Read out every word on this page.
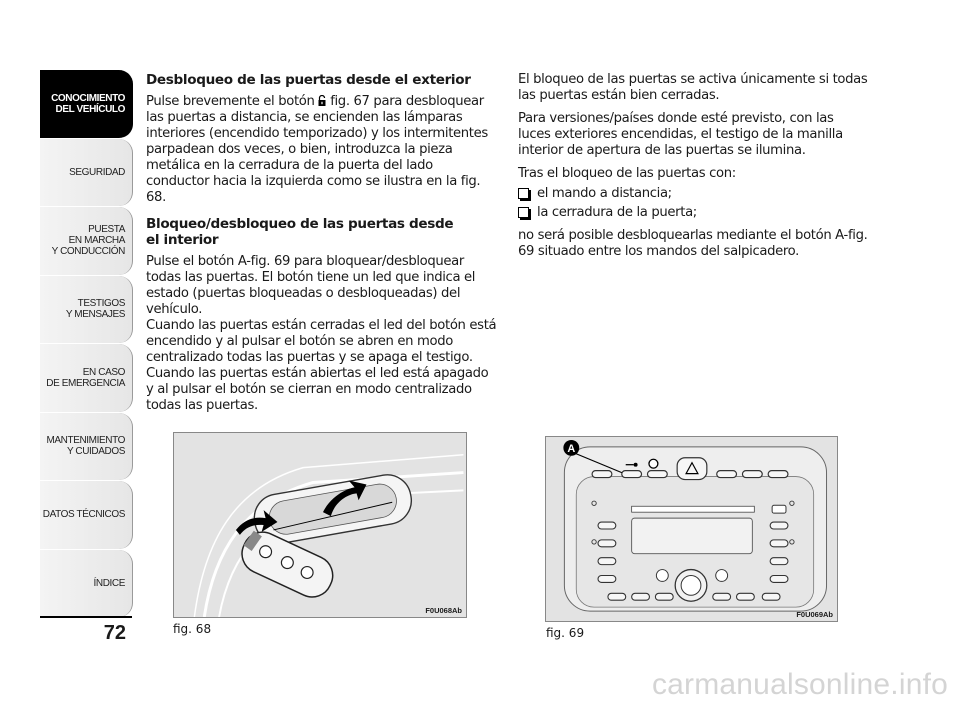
CONOCIMIENTO
DEL VEHÍCULO
SEGURIDAD
PUESTA
EN MARCHA
Y CONDUCCIÓN
TESTIGOS
Y MENSAJES
EN CASO
DE EMERGENCIA
MANTENIMIENTO
Y CUIDADOS
DATOS TÉCNICOS
ÍNDICE
72
Desbloqueo de las puertas desde el exterior

Pulse brevemente el botón fig. 67 para desbloquear las puertas a distancia, se encienden las lámparas interiores (encendido temporizado) y los intermitentes parpadean dos veces, o bien, introduzca la pieza metálica en la cerradura de la puerta del lado conductor hacia la izquierda como se ilustra en la fig. 68.

Bloqueo/desbloqueo de las puertas desde
el interior

Pulse el botón A-fig. 69 para bloquear/desbloquear todas las puertas. El botón tiene un led que indica el estado (puertas bloqueadas o desbloqueadas) del vehículo.

Cuando las puertas están cerradas el led del botón está encendido y al pulsar el botón se abren en modo centralizado todas las puertas y se apaga el testigo. Cuando las puertas están abiertas el led está apagado y al pulsar el botón se cierran en modo centralizado todas las puertas.

El bloqueo de las puertas se activa únicamente si todas las puertas están bien cerradas.

Para versiones/países donde esté previsto, con las luces exteriores encendidas, el testigo de la manilla interior de apertura de las puertas se ilumina.

Tras el bloqueo de las puertas con:

el mando a distancia;
la cerradura de la puerta;

no será posible desbloquearlas mediante el botón A-fig. 69 situado entre los mandos del salpicadero.

F0U068Ab
fig. 68
A
F0U069Ab
fig. 69
carmanualsonline.info
